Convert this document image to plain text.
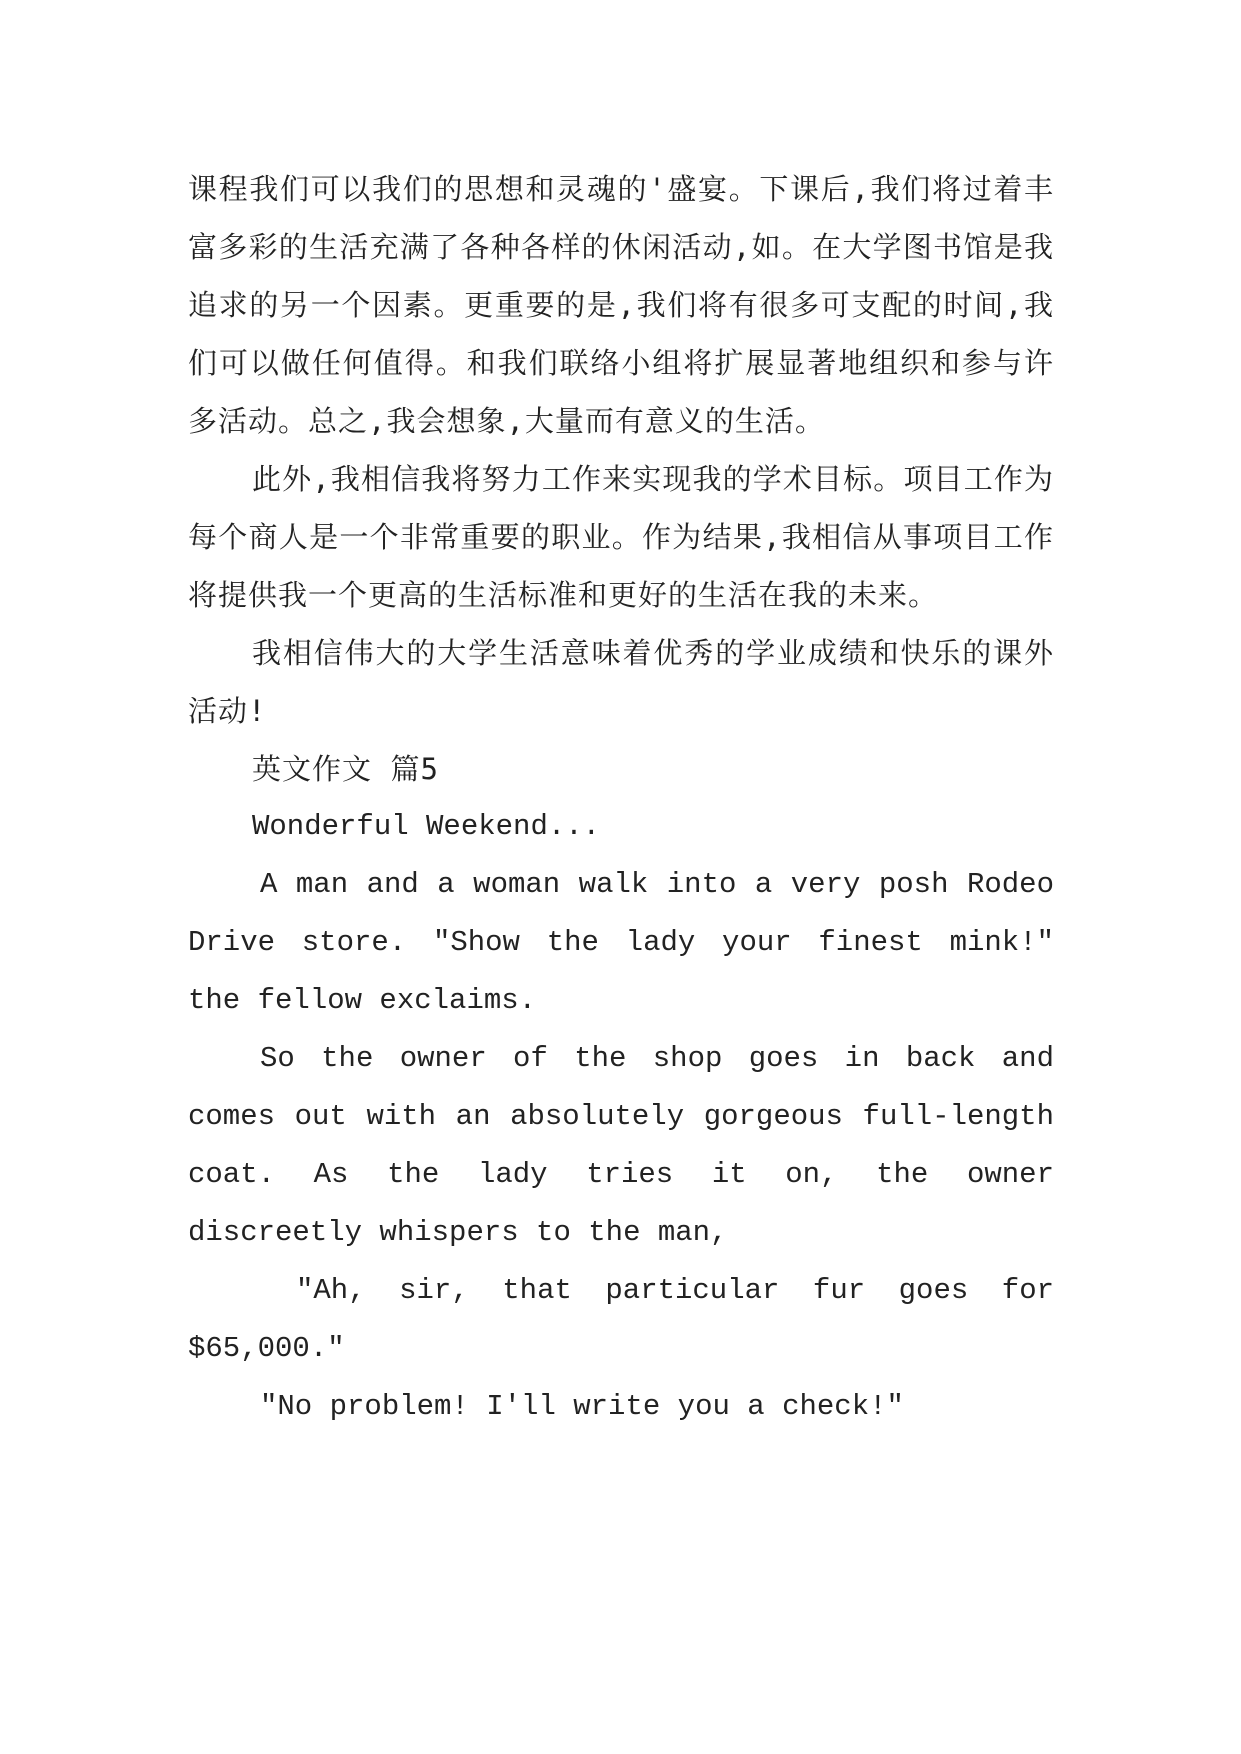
课程我们可以我们的思想和灵魂的'盛宴。下课后,我们将过着丰富多彩的生活充满了各种各样的休闲活动,如。在大学图书馆是我追求的另一个因素。更重要的是,我们将有很多可支配的时间,我们可以做任何值得。和我们联络小组将扩展显著地组织和参与许多活动。总之,我会想象,大量而有意义的生活。

此外,我相信我将努力工作来实现我的学术目标。项目工作为每个商人是一个非常重要的职业。作为结果,我相信从事项目工作将提供我一个更高的生活标准和更好的生活在我的未来。

我相信伟大的大学生活意味着优秀的学业成绩和快乐的课外活动!

英文作文 篇5

Wonderful Weekend...

A man and a woman walk into a very posh Rodeo Drive store. "Show the lady your finest mink!" the fellow exclaims.

So the owner of the shop goes in back and comes out with an absolutely gorgeous full-length coat. As the lady tries it on, the owner discreetly whispers to the man,

"Ah, sir, that particular fur goes for $65,000."

"No problem! I'll write you a check!"
